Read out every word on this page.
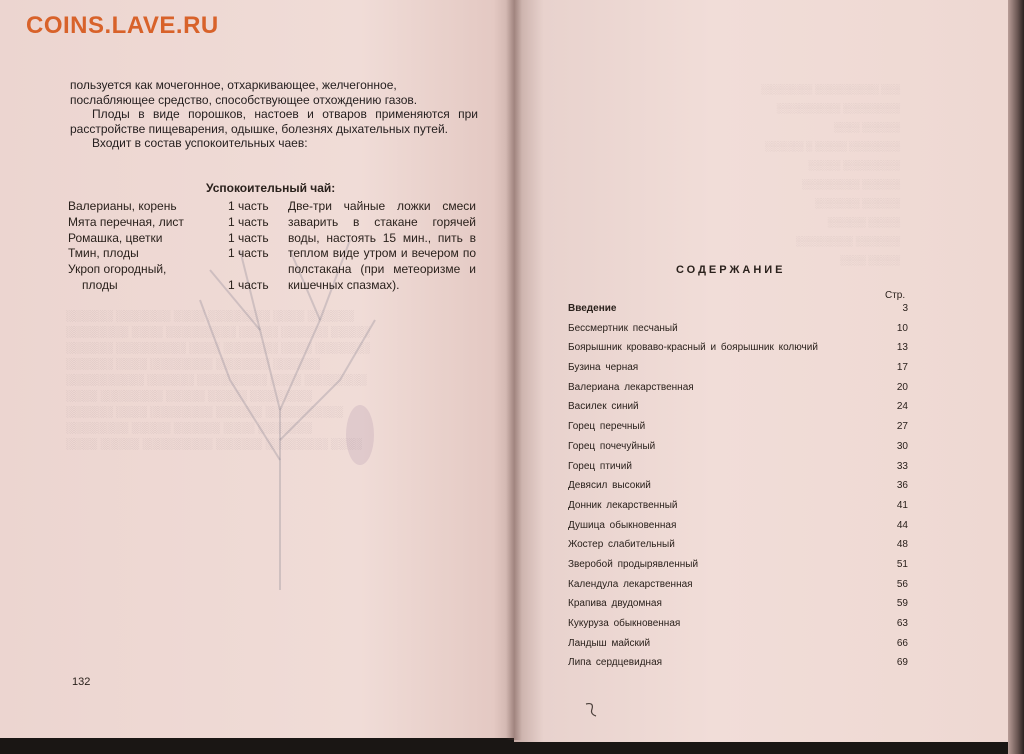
░░░░░░ ░░░░░░░ ░░░░ ░░░░░░░░ ░░░░ ░░░░░░
░░░░░░░░ ░░░░ ░░░░░░░░░ ░░░░░ ░░░░░░ ░░░░░
░░░░░░ ░░░░░░░░░ ░░░░ ░░░░░░░ ░░░░ ░░░░░░░
░░░░░░ ░░░░ ░░░░░░░░ ░░░░░░░ ░░░░░░
░░░░░░░░░░ ░░░░░░ ░░░░░░░░░ ░░░░ ░░░░░░░░
░░░░ ░░░░░░░░ ░░░░░ ░░░░░ ░░░░░░░░
░░░░░░ ░░░░ ░░░░░░░░ ░░░░░░ ░░░░░░░░░░
░░░░░░░░ ░░░░░ ░░░░░░ ░░░░ ░░░░░░░
░░░░ ░░░░░ ░░░░░░░░░ ░░░░░░ ░░░░░░░░ ░░░░
COINS.LAVE.RU
пользуется как мочегонное, отхаркивающее, желчегонное,
послабляющее средство, способствующее отхождению газов.
Плоды в виде порошков, настоев и отваров применяются при расстройстве пищеварения, одышке, болезнях дыхательных путей.
Входит в состав успокоительных чаев:
Успокоительный чай:
Валерианы, корень	1 часть
Мята перечная, лист	1 часть
Ромашка, цветки	1 часть
Тмин, плоды	1 часть
Укроп огородный,
плоды	1 часть
Две-три чайные ложки смеси заварить в стакане горячей воды, настоять 15 мин., пить в теплом виде утром и вечером по полстакана (при метеоризме и кишечных спазмах).
132
░░░░░░░░ ░░░░░░░░░░ ░░░
░░░░░░░░░░ ░░░░░░░░░
░░░░ ░░░░░░
░░░░░░ ░ ░░░░░ ░░░░░░░░
░░░░░ ░░░░░░░░░
░░░░░░░░░ ░░░░░░
░░░░░░░ ░░░░░░
░░░░░░ ░░░░░
░░░░░░░░░ ░░░░░░░
░░░░ ░░░░░
СОДЕРЖАНИЕ
Стр.
Введение	3
Бессмертник песчаный	10
Боярышник кроваво-красный и боярышник колючий	13
Бузина черная	17
Валериана лекарственная	20
Василек синий	24
Горец перечный	27
Горец почечуйный	30
Горец птичий	33
Девясил высокий	36
Донник лекарственный	41
Душица обыкновенная	44
Жостер слабительный	48
Зверобой продырявленный	51
Календула лекарственная	56
Крапива двудомная	59
Кукуруза обыкновенная	63
Ландыш майский	66
Липа сердцевидная	69
